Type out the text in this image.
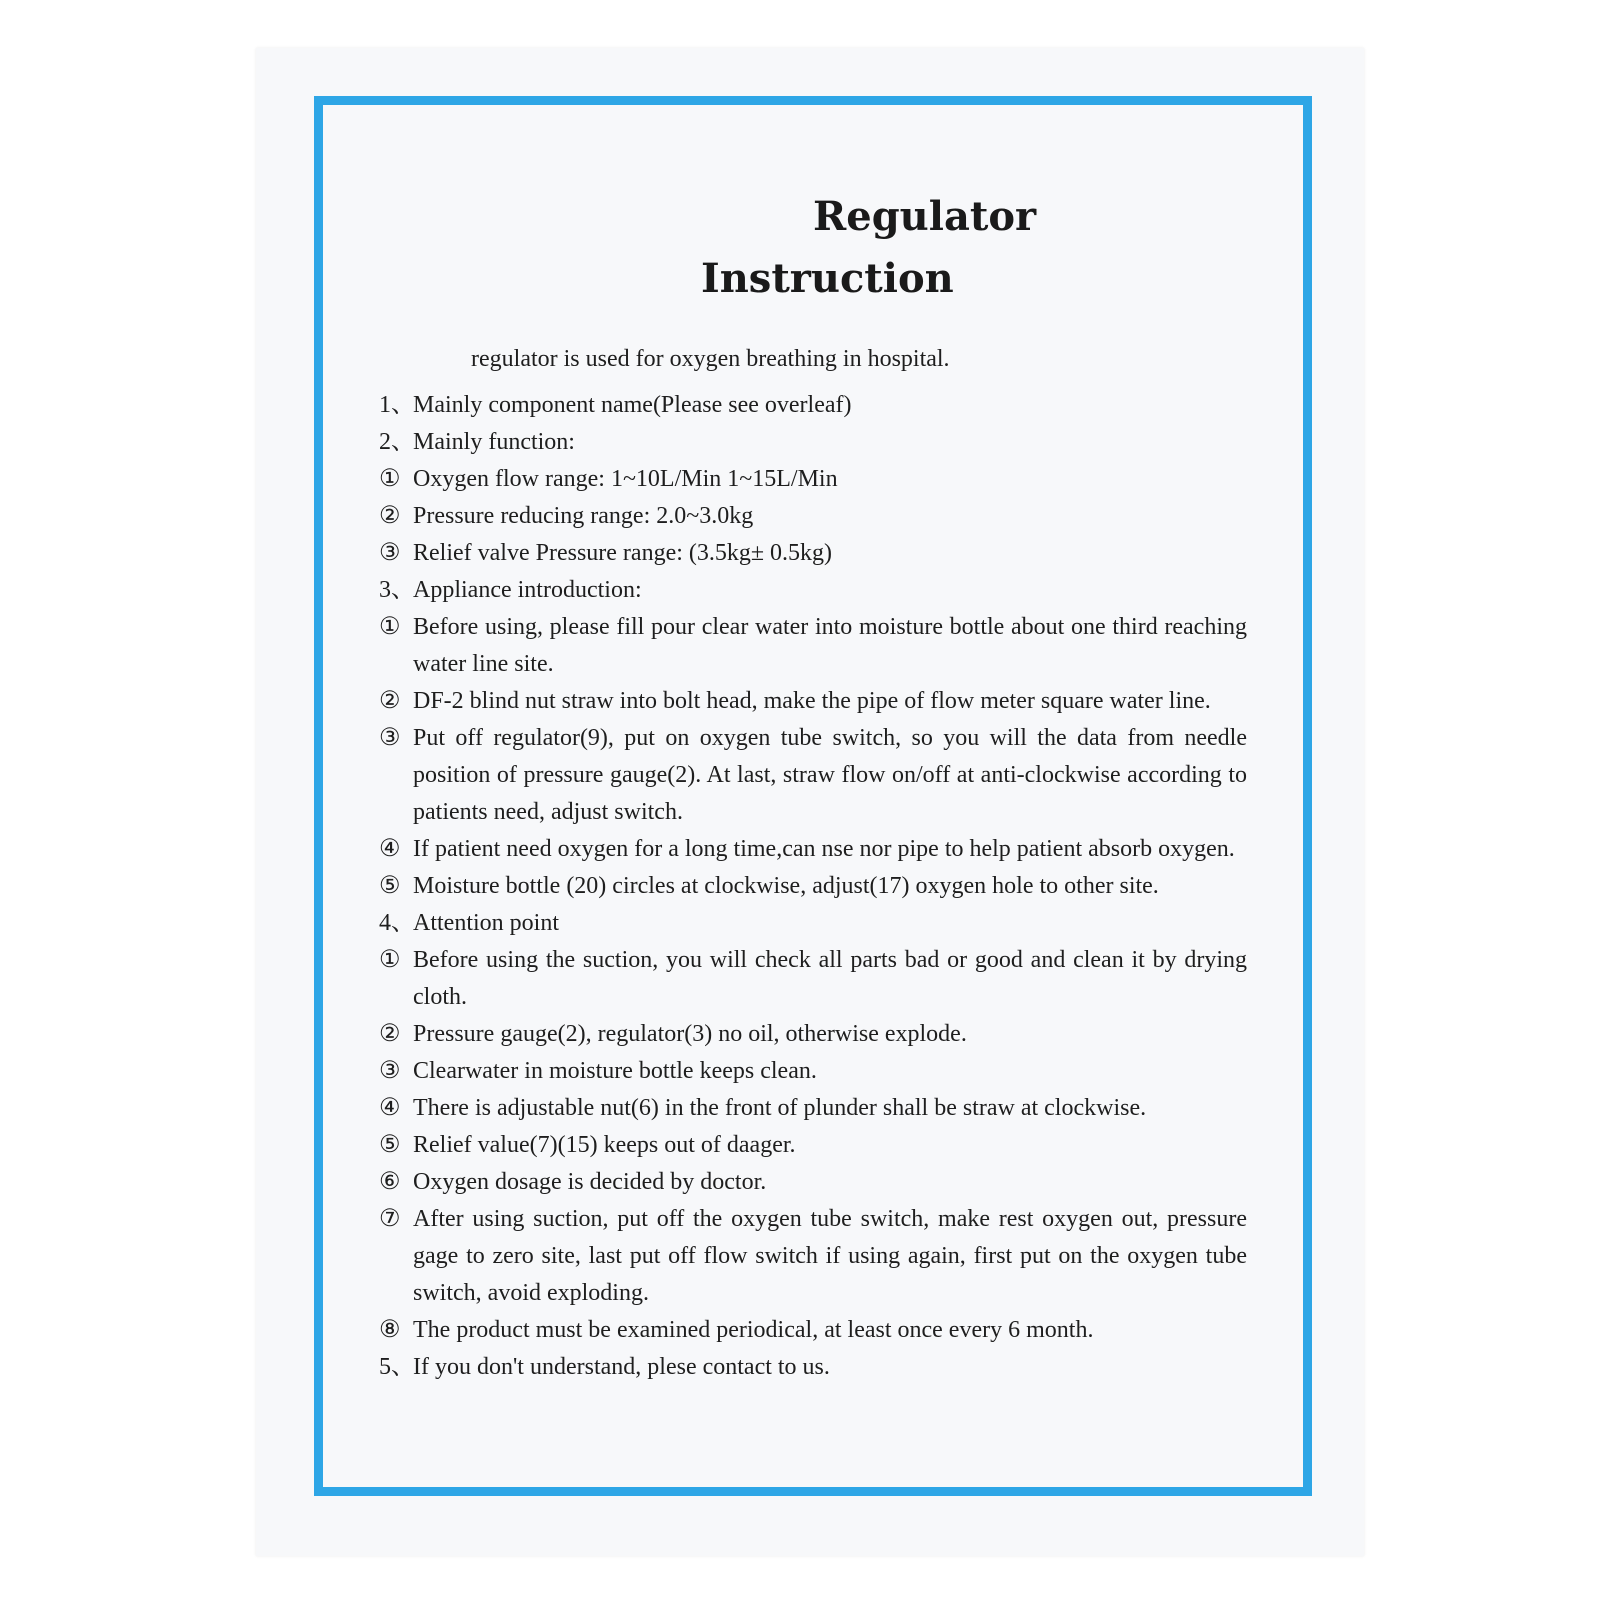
Regulator
Instruction

regulator is used for oxygen breathing in hospital.

1、
Mainly component name(Please see overleaf)
2、
Mainly function:
① Oxygen flow range: 1~10L/Min 1~15L/Min
② Pressure reducing range: 2.0~3.0kg
③ Relief valve Pressure range: (3.5kg± 0.5kg)
3、
Appliance introduction:
① Before using, please fill pour clear water into moisture bottle about one third reaching water line site.
② DF-2 blind nut straw into bolt head, make the pipe of flow meter square water line.
③ Put off regulator(9), put on oxygen tube switch, so you will the data from needle position of pressure gauge(2). At last, straw flow on/off at anti-clockwise according to patients need, adjust switch.
④ If patient need oxygen for a long time,can nse nor pipe to help patient absorb oxygen.
⑤ Moisture bottle (20) circles at clockwise, adjust(17) oxygen hole to other site.
4、
Attention point
① Before using the suction, you will check all parts bad or good and clean it by drying cloth.
② Pressure gauge(2), regulator(3) no oil, otherwise explode.
③ Clearwater in moisture bottle keeps clean.
④ There is adjustable nut(6) in the front of plunder shall be straw at clockwise.
⑤ Relief value(7)(15) keeps out of daager.
⑥ Oxygen dosage is decided by doctor.
⑦ After using suction, put off the oxygen tube switch, make rest oxygen out, pressure gage to zero site, last put off flow switch if using again, first put on the oxygen tube switch, avoid exploding.
⑧ The product must be examined periodical, at least once every 6 month.
5、
If you don't understand, plese contact to us.
